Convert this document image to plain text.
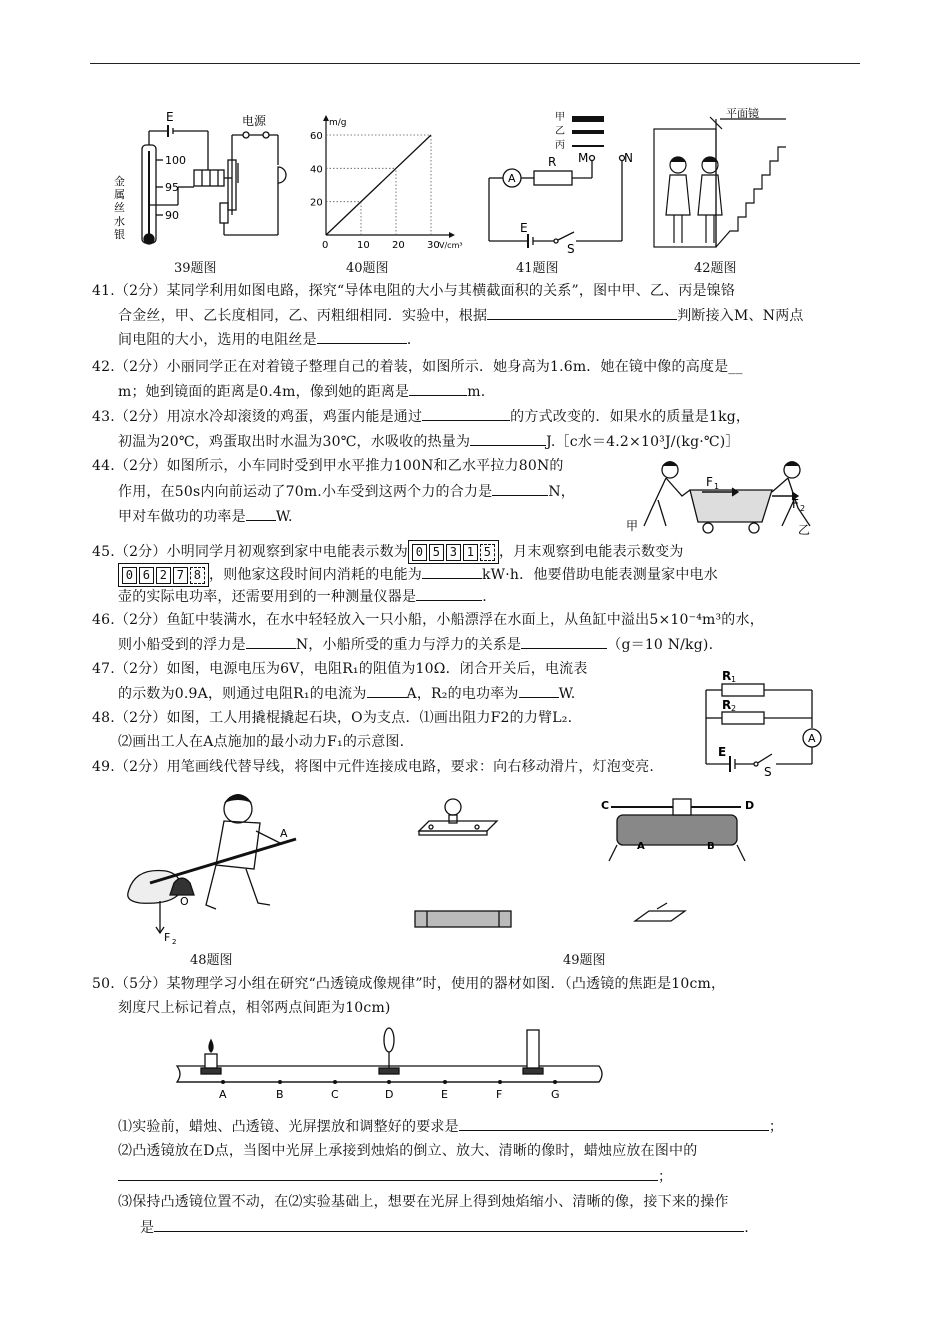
E	电源
金
属
丝
水
银
100
95
90
39题图
0	10 20 30
20
40
60
m/g
V/cm³
40题图
甲
乙
丙
A
R M	N
E
S
41题图
平面镜
42题图
41.（2分）某同学利用如图电路，探究“导体电阻的大小与其横截面积的关系”，图中甲、乙、丙是镍铬
合金丝，甲、乙长度相同，乙、丙粗细相同．实验中，根据	判断接入M、N两点
间电阻的大小，选用的电阻丝是	．
42.（2分）小丽同学正在对着镜子整理自己的着装，如图所示．她身高为1.6m．她在镜中像的高度是__
m；她到镜面的距离是0.4m，像到她的距离是	m.
43.（2分）用凉水冷却滚烫的鸡蛋，鸡蛋内能是通过	的方式改变的．如果水的质量是1kg，
初温为20℃，鸡蛋取出时水温为30℃，水吸收的热量为	J.［c水＝4.2×10³J/(kg·℃)］
44.（2分）如图所示，小车同时受到甲水平推力100N和乙水平拉力80N的
作用，在50s内向前运动了70m.小车受到这两个力的合力是	N，
甲对车做功的功率是 W.
F 1
F 2
甲	乙
45.（2分）小明同学月初观察到家中电能表示数为 0 5 3 1 5 ，月末观察到电能表示数变为
0 6 2 7 8 ，则他家这段时间内消耗的电能为	kW·h．他要借助电能表测量家中电水
壶的实际电功率，还需要用到的一种测量仪器是	.
46.（2分）鱼缸中装满水，在水中轻轻放入一只小船，小船漂浮在水面上，从鱼缸中溢出5×10⁻⁴m³的水，
则小船受到的浮力是	N，小船所受的重力与浮力的关系是	（g＝10 N/kg).
47.（2分）如图，电源电压为6V，电阻R₁的阻值为10Ω．闭合开关后，电流表
的示数为0.9A，则通过电阻R₁的电流为	A，R₂的电功率为	W.
R 1
R 2
E
A
S
48.（2分）如图，工人用撬棍撬起石块，O为支点．⑴画出阻力F2的力臂L₂.
⑵画出工人在A点施加的最小动力F₁的示意图.
49.（2分）用笔画线代替导线，将图中元件连接成电路，要求：向右移动滑片，灯泡变亮.
A
O
F 2
48题图
C	D
A	B
49题图
50.（5分）某物理学习小组在研究“凸透镜成像规律”时，使用的器材如图．（凸透镜的焦距是10cm，
刻度尺上标记着点，相邻两点间距为10cm)
A	B	C	D	E	F	G
⑴实验前，蜡烛、凸透镜、光屏摆放和调整好的要求是	；
⑵凸透镜放在D点，当图中光屏上承接到烛焰的倒立、放大、清晰的像时，蜡烛应放在图中的
；
⑶保持凸透镜位置不动，在⑵实验基础上，想要在光屏上得到烛焰缩小、清晰的像，接下来的操作
是	.
